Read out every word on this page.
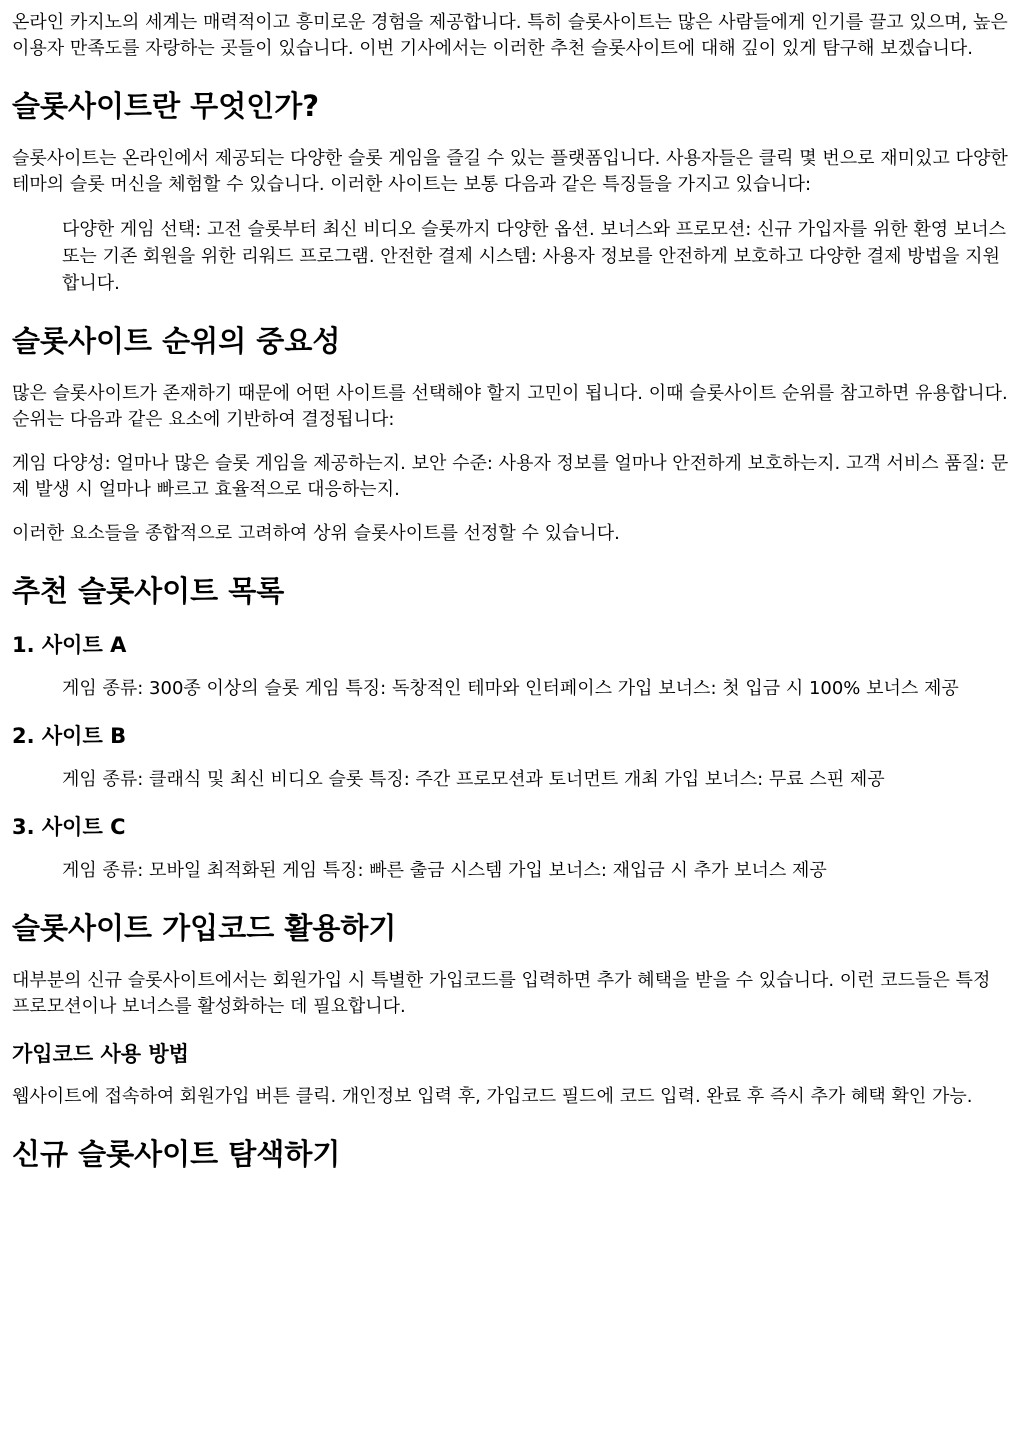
온라인 카지노의 세계는 매력적이고 흥미로운 경험을 제공합니다. 특히 슬롯사이트는 많은 사람들에게 인기를 끌고 있으며, 높은 이용자 만족도를 자랑하는 곳들이 있습니다. 이번 기사에서는 이러한 추천 슬롯사이트에 대해 깊이 있게 탐구해 보겠습니다.

슬롯사이트란 무엇인가?

슬롯사이트는 온라인에서 제공되는 다양한 슬롯 게임을 즐길 수 있는 플랫폼입니다. 사용자들은 클릭 몇 번으로 재미있고 다양한 테마의 슬롯 머신을 체험할 수 있습니다. 이러한 사이트는 보통 다음과 같은 특징들을 가지고 있습니다:

다양한 게임 선택: 고전 슬롯부터 최신 비디오 슬롯까지 다양한 옵션. 보너스와 프로모션: 신규 가입자를 위한 환영 보너스 또는 기존 회원을 위한 리워드 프로그램. 안전한 결제 시스템: 사용자 정보를 안전하게 보호하고 다양한 결제 방법을 지원합니다.
슬롯사이트 순위의 중요성

많은 슬롯사이트가 존재하기 때문에 어떤 사이트를 선택해야 할지 고민이 됩니다. 이때 슬롯사이트 순위를 참고하면 유용합니다. 순위는 다음과 같은 요소에 기반하여 결정됩니다:

게임 다양성: 얼마나 많은 슬롯 게임을 제공하는지. 보안 수준: 사용자 정보를 얼마나 안전하게 보호하는지. 고객 서비스 품질: 문제 발생 시 얼마나 빠르고 효율적으로 대응하는지.

이러한 요소들을 종합적으로 고려하여 상위 슬롯사이트를 선정할 수 있습니다.

추천 슬롯사이트 목록
1. 사이트 A
게임 종류: 300종 이상의 슬롯 게임 특징: 독창적인 테마와 인터페이스 가입 보너스: 첫 입금 시 100% 보너스 제공
2. 사이트 B
게임 종류: 클래식 및 최신 비디오 슬롯 특징: 주간 프로모션과 토너먼트 개최 가입 보너스: 무료 스핀 제공
3. 사이트 C
게임 종류: 모바일 최적화된 게임 특징: 빠른 출금 시스템 가입 보너스: 재입금 시 추가 보너스 제공
슬롯사이트 가입코드 활용하기

대부분의 신규 슬롯사이트에서는 회원가입 시 특별한 가입코드를 입력하면 추가 혜택을 받을 수 있습니다. 이런 코드들은 특정 프로모션이나 보너스를 활성화하는 데 필요합니다.

가입코드 사용 방법

웹사이트에 접속하여 회원가입 버튼 클릭. 개인정보 입력 후, 가입코드 필드에 코드 입력. 완료 후 즉시 추가 혜택 확인 가능.

신규 슬롯사이트 탐색하기
